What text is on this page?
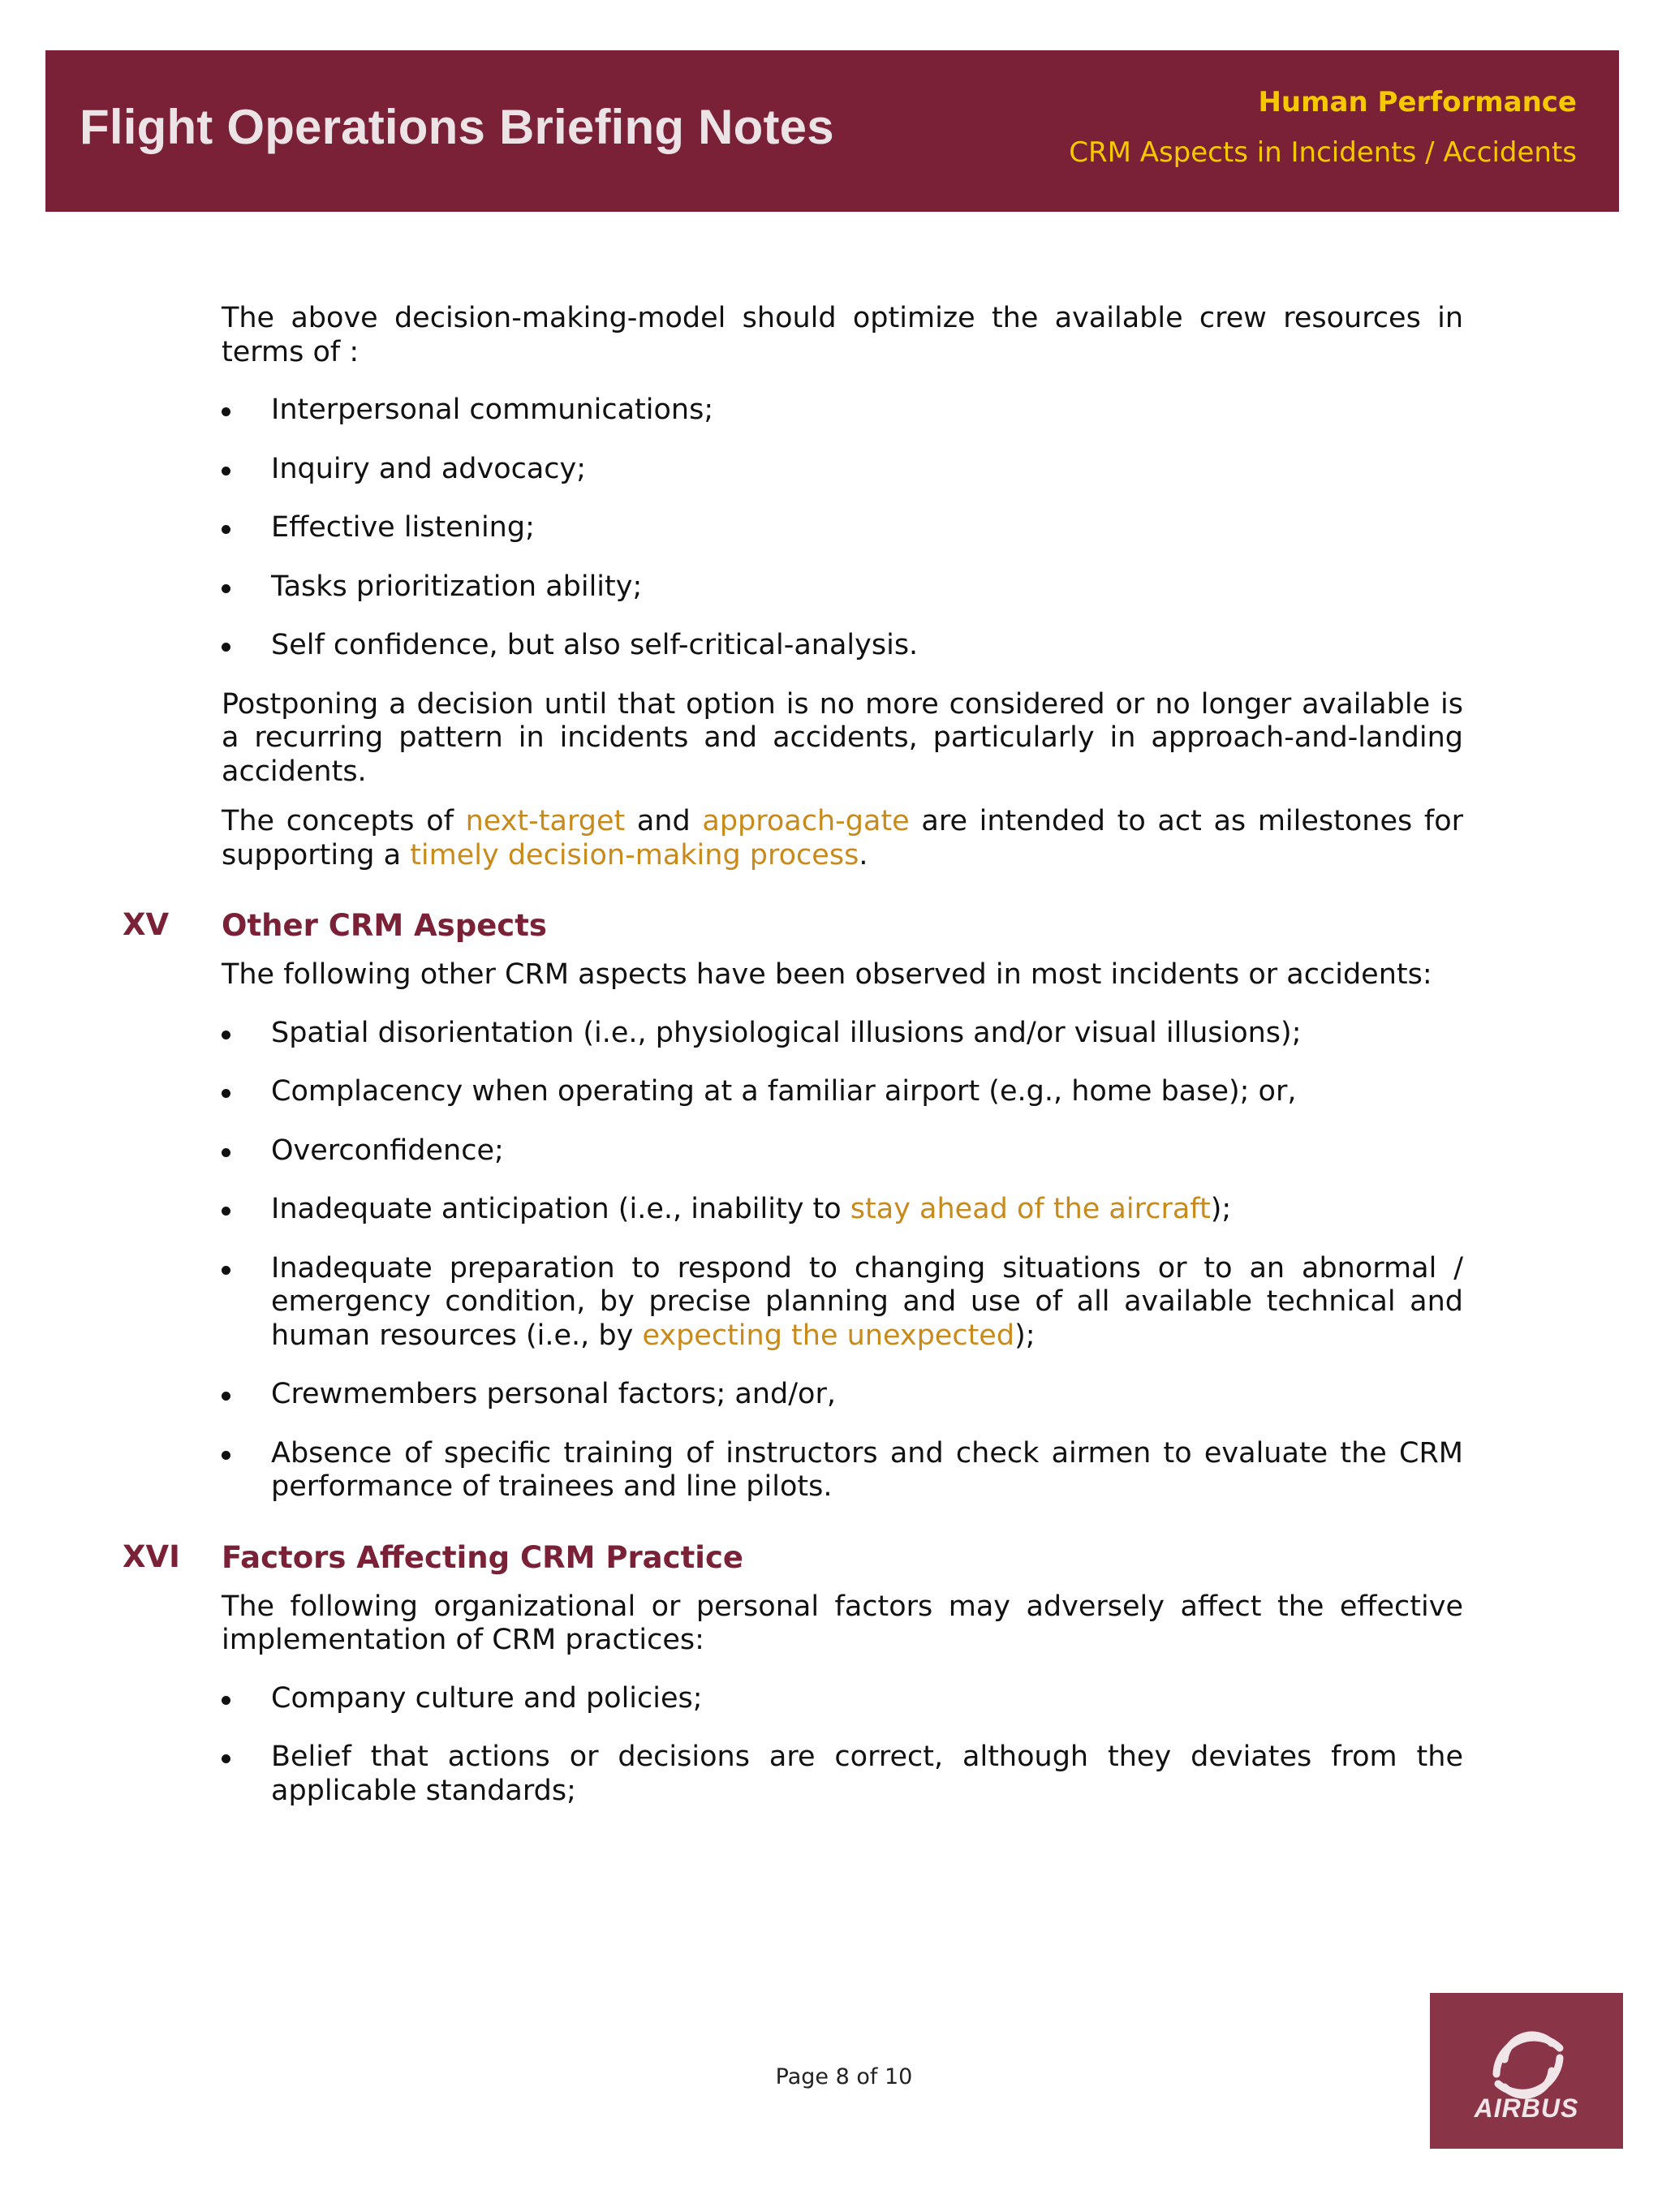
Flight Operations Briefing Notes	Human Performance
CRM Aspects in Incidents / Accidents

The above decision-making-model should optimize the available crew resources in terms of :

Interpersonal communications;
Inquiry and advocacy;
Effective listening;
Tasks prioritization ability;
Self confidence, but also self-critical-analysis.

Postponing a decision until that option is no more considered or no longer available is a recurring pattern in incidents and accidents, particularly in approach-and-landing accidents.

The concepts of next-target and approach-gate are intended to act as milestones for supporting a timely decision-making process.

XV Other CRM Aspects

The following other CRM aspects have been observed in most incidents or accidents:

Spatial disorientation (i.e., physiological illusions and/or visual illusions);
Complacency when operating at a familiar airport (e.g., home base); or,
Overconfidence;
Inadequate anticipation (i.e., inability to stay ahead of the aircraft);
Inadequate preparation to respond to changing situations or to an abnormal / emergency condition, by precise planning and use of all available technical and human resources (i.e., by expecting the unexpected);
Crewmembers personal factors; and/or,
Absence of specific training of instructors and check airmen to evaluate the CRM performance of trainees and line pilots.
XVI Factors Affecting CRM Practice

The following organizational or personal factors may adversely affect the effective implementation of CRM practices:

Company culture and policies;
Belief that actions or decisions are correct, although they deviates from the applicable standards;
Page 8 of 10
AIRBUS
